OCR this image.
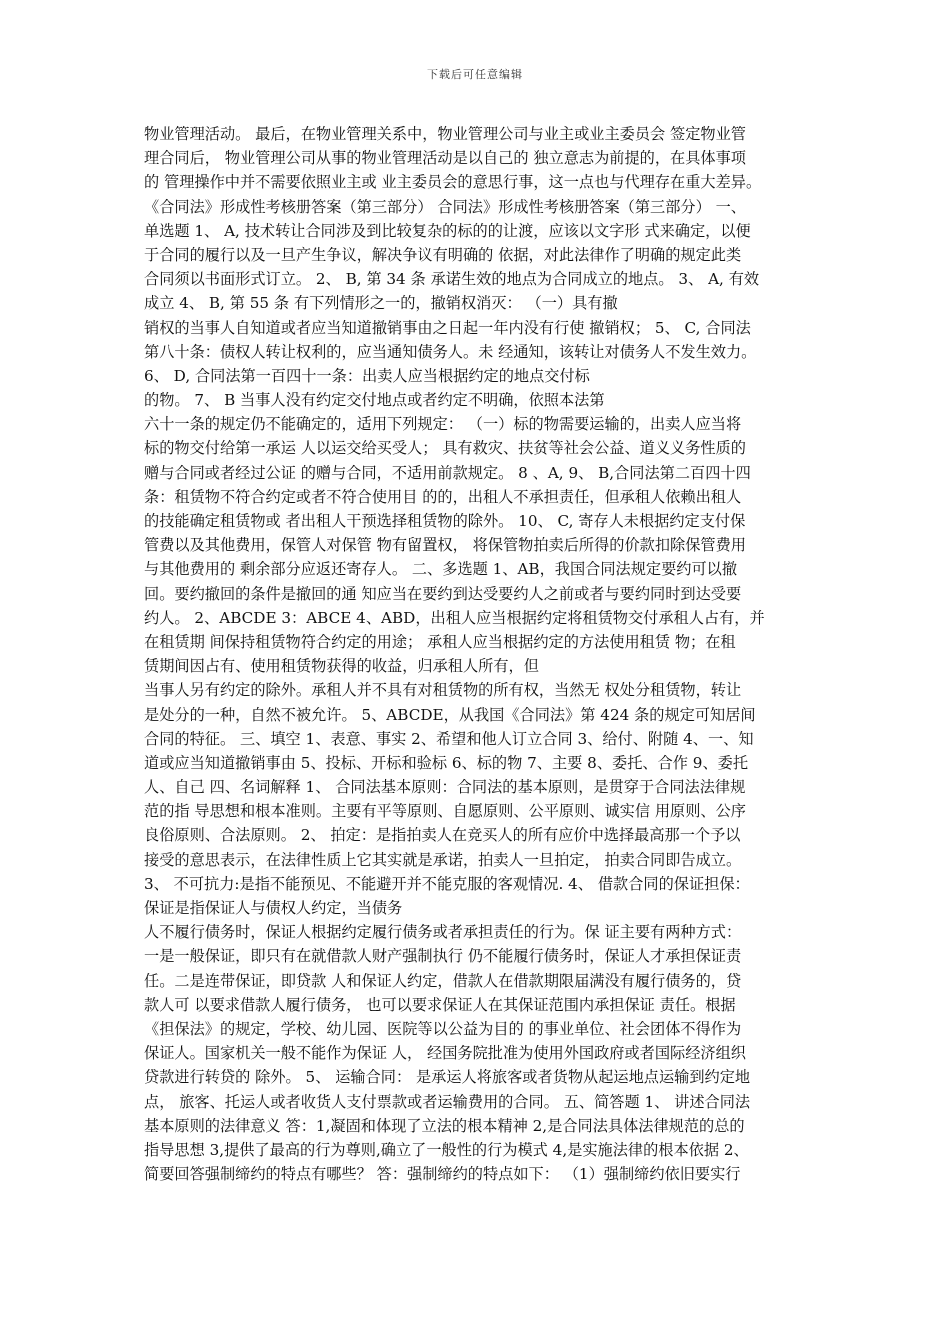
下载后可任意编辑
物业管理活动。 最后，在物业管理关系中，物业管理公司与业主或业主委员会 签定物业管
理合同后， 物业管理公司从事的物业管理活动是以自己的 独立意志为前提的，在具体事项
的 管理操作中并不需要依照业主或 业主委员会的意思行事，这一点也与代理存在重大差异。
《合同法》形成性考核册答案（第三部分） 合同法》形成性考核册答案（第三部分） 一、
单选题 1、 A, 技术转让合同涉及到比较复杂的标的的让渡，应该以文字形 式来确定，以便
于合同的履行以及一旦产生争议，解决争议有明确的 依据，对此法律作了明确的规定此类
合同须以书面形式订立。 2、 B, 第 34 条 承诺生效的地点为合同成立的地点。 3、 A, 有效
成立 4、 B, 第 55 条 有下列情形之一的，撤销权消灭： （一）具有撤
销权的当事人自知道或者应当知道撤销事由之日起一年内没有行使 撤销权； 5、 C, 合同法
第八十条：债权人转让权利的，应当通知债务人。未 经通知，该转让对债务人不发生效力。
6、 D, 合同法第一百四十一条：出卖人应当根据约定的地点交付标
的物。 7、 B 当事人没有约定交付地点或者约定不明确，依照本法第
六十一条的规定仍不能确定的，适用下列规定： （一）标的物需要运输的，出卖人应当将
标的物交付给第一承运 人以运交给买受人； 具有救灾、扶贫等社会公益、道义义务性质的
赠与合同或者经过公证 的赠与合同，不适用前款规定。 8 、A, 9、 B,合同法第二百四十四
条：租赁物不符合约定或者不符合使用目 的的，出租人不承担责任，但承租人依赖出租人
的技能确定租赁物或 者出租人干预选择租赁物的除外。 10、 C, 寄存人未根据约定支付保
管费以及其他费用，保管人对保管 物有留置权， 将保管物拍卖后所得的价款扣除保管费用
与其他费用的 剩余部分应返还寄存人。 二、多选题 1、AB，我国合同法规定要约可以撤
回。要约撤回的条件是撤回的通 知应当在要约到达受要约人之前或者与要约同时到达受要
约人。 2、ABCDE 3：ABCE 4、ABD，出租人应当根据约定将租赁物交付承租人占有，并
在租赁期 间保持租赁物符合约定的用途； 承租人应当根据约定的方法使用租赁 物；在租
赁期间因占有、使用租赁物获得的收益，归承租人所有，但
当事人另有约定的除外。承租人并不具有对租赁物的所有权，当然无 权处分租赁物，转让
是处分的一种，自然不被允许。 5、ABCDE，从我国《合同法》第 424 条的规定可知居间
合同的特征。 三、填空 1、表意、事实 2、希望和他人订立合同 3、给付、附随 4、一、知
道或应当知道撤销事由 5、投标、开标和验标 6、标的物 7、主要 8、委托、合作 9、委托
人、自己 四、名词解释 1、 合同法基本原则：合同法的基本原则，是贯穿于合同法法律规
范的指 导思想和根本准则。主要有平等原则、自愿原则、公平原则、诚实信 用原则、公序
良俗原则、合法原则。 2、 拍定：是指拍卖人在竞买人的所有应价中选择最高那一个予以
接受的意思表示，在法律性质上它其实就是承诺，拍卖人一旦拍定， 拍卖合同即告成立。
3、 不可抗力:是指不能预见、不能避开并不能克服的客观情况. 4、 借款合同的保证担保：
保证是指保证人与债权人约定，当债务
人不履行债务时，保证人根据约定履行债务或者承担责任的行为。保 证主要有两种方式：
一是一般保证，即只有在就借款人财产强制执行 仍不能履行债务时，保证人才承担保证责
任。二是连带保证，即贷款 人和保证人约定，借款人在借款期限届满没有履行债务的，贷
款人可 以要求借款人履行债务， 也可以要求保证人在其保证范围内承担保证 责任。根据
《担保法》的规定，学校、幼儿园、医院等以公益为目的 的事业单位、社会团体不得作为
保证人。国家机关一般不能作为保证 人， 经国务院批准为使用外国政府或者国际经济组织
贷款进行转贷的 除外。 5、 运输合同： 是承运人将旅客或者货物从起运地点运输到约定地
点， 旅客、托运人或者收货人支付票款或者运输费用的合同。 五、简答题 1、 讲述合同法
基本原则的法律意义 答：1,凝固和体现了立法的根本精神 2,是合同法具体法律规范的总的
指导思想 3,提供了最高的行为尊则,确立了一般性的行为模式 4,是实施法律的根本依据 2、
简要回答强制缔约的特点有哪些？ 答：强制缔约的特点如下： （1）强制缔约依旧要实行
